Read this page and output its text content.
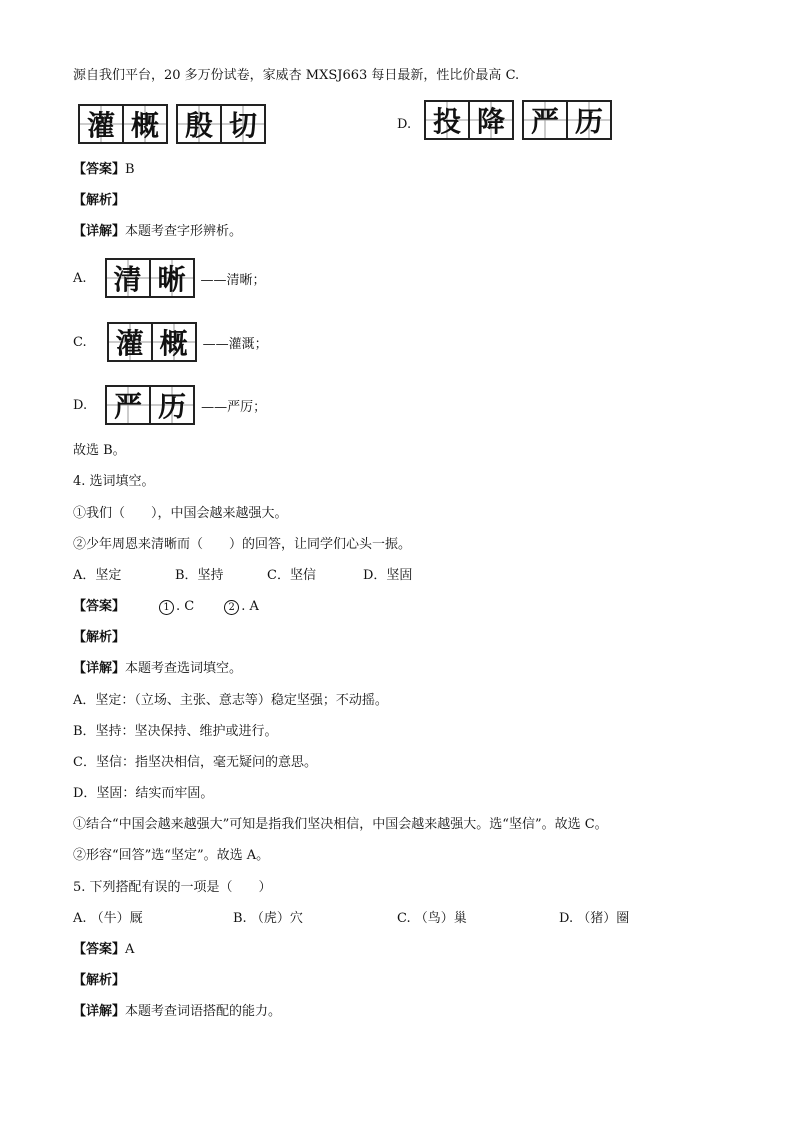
源自我们平台，20 多万份试卷，家威杏 MXSJ663 每日最新，性比价最高 C.
灌 概 殷 切	D. 投 降 严 历
【答案】B
【解析】
【详解】本题考查字形辨析。
A. 清 晰	——清晰；
C. 灌 概	——灌溉；
D. 严 历	——严厉；
故选 B。
4. 选词填空。
①我们（　　），中国会越来越强大。
②少年周恩来清晰而（　　）的回答，让同学们心头一振。
A．坚定	B．坚持	C．坚信	D．坚固
【答案】	1 . C	2 . A
【解析】
【详解】本题考查选词填空。
A．坚定：（立场、主张、意志等）稳定坚强；不动摇。
B．坚持：坚决保持、维护或进行。
C．坚信：指坚决相信，毫无疑问的意思。
D．坚固：结实而牢固。
①结合“中国会越来越强大”可知是指我们坚决相信，中国会越来越强大。选“坚信”。故选 C。
②形容“回答”选“坚定”。故选 A。
5. 下列搭配有误的一项是（　　）
A. （牛）厩	B. （虎）穴	C. （鸟）巢	D. （猪）圈
【答案】A
【解析】
【详解】本题考查词语搭配的能力。
